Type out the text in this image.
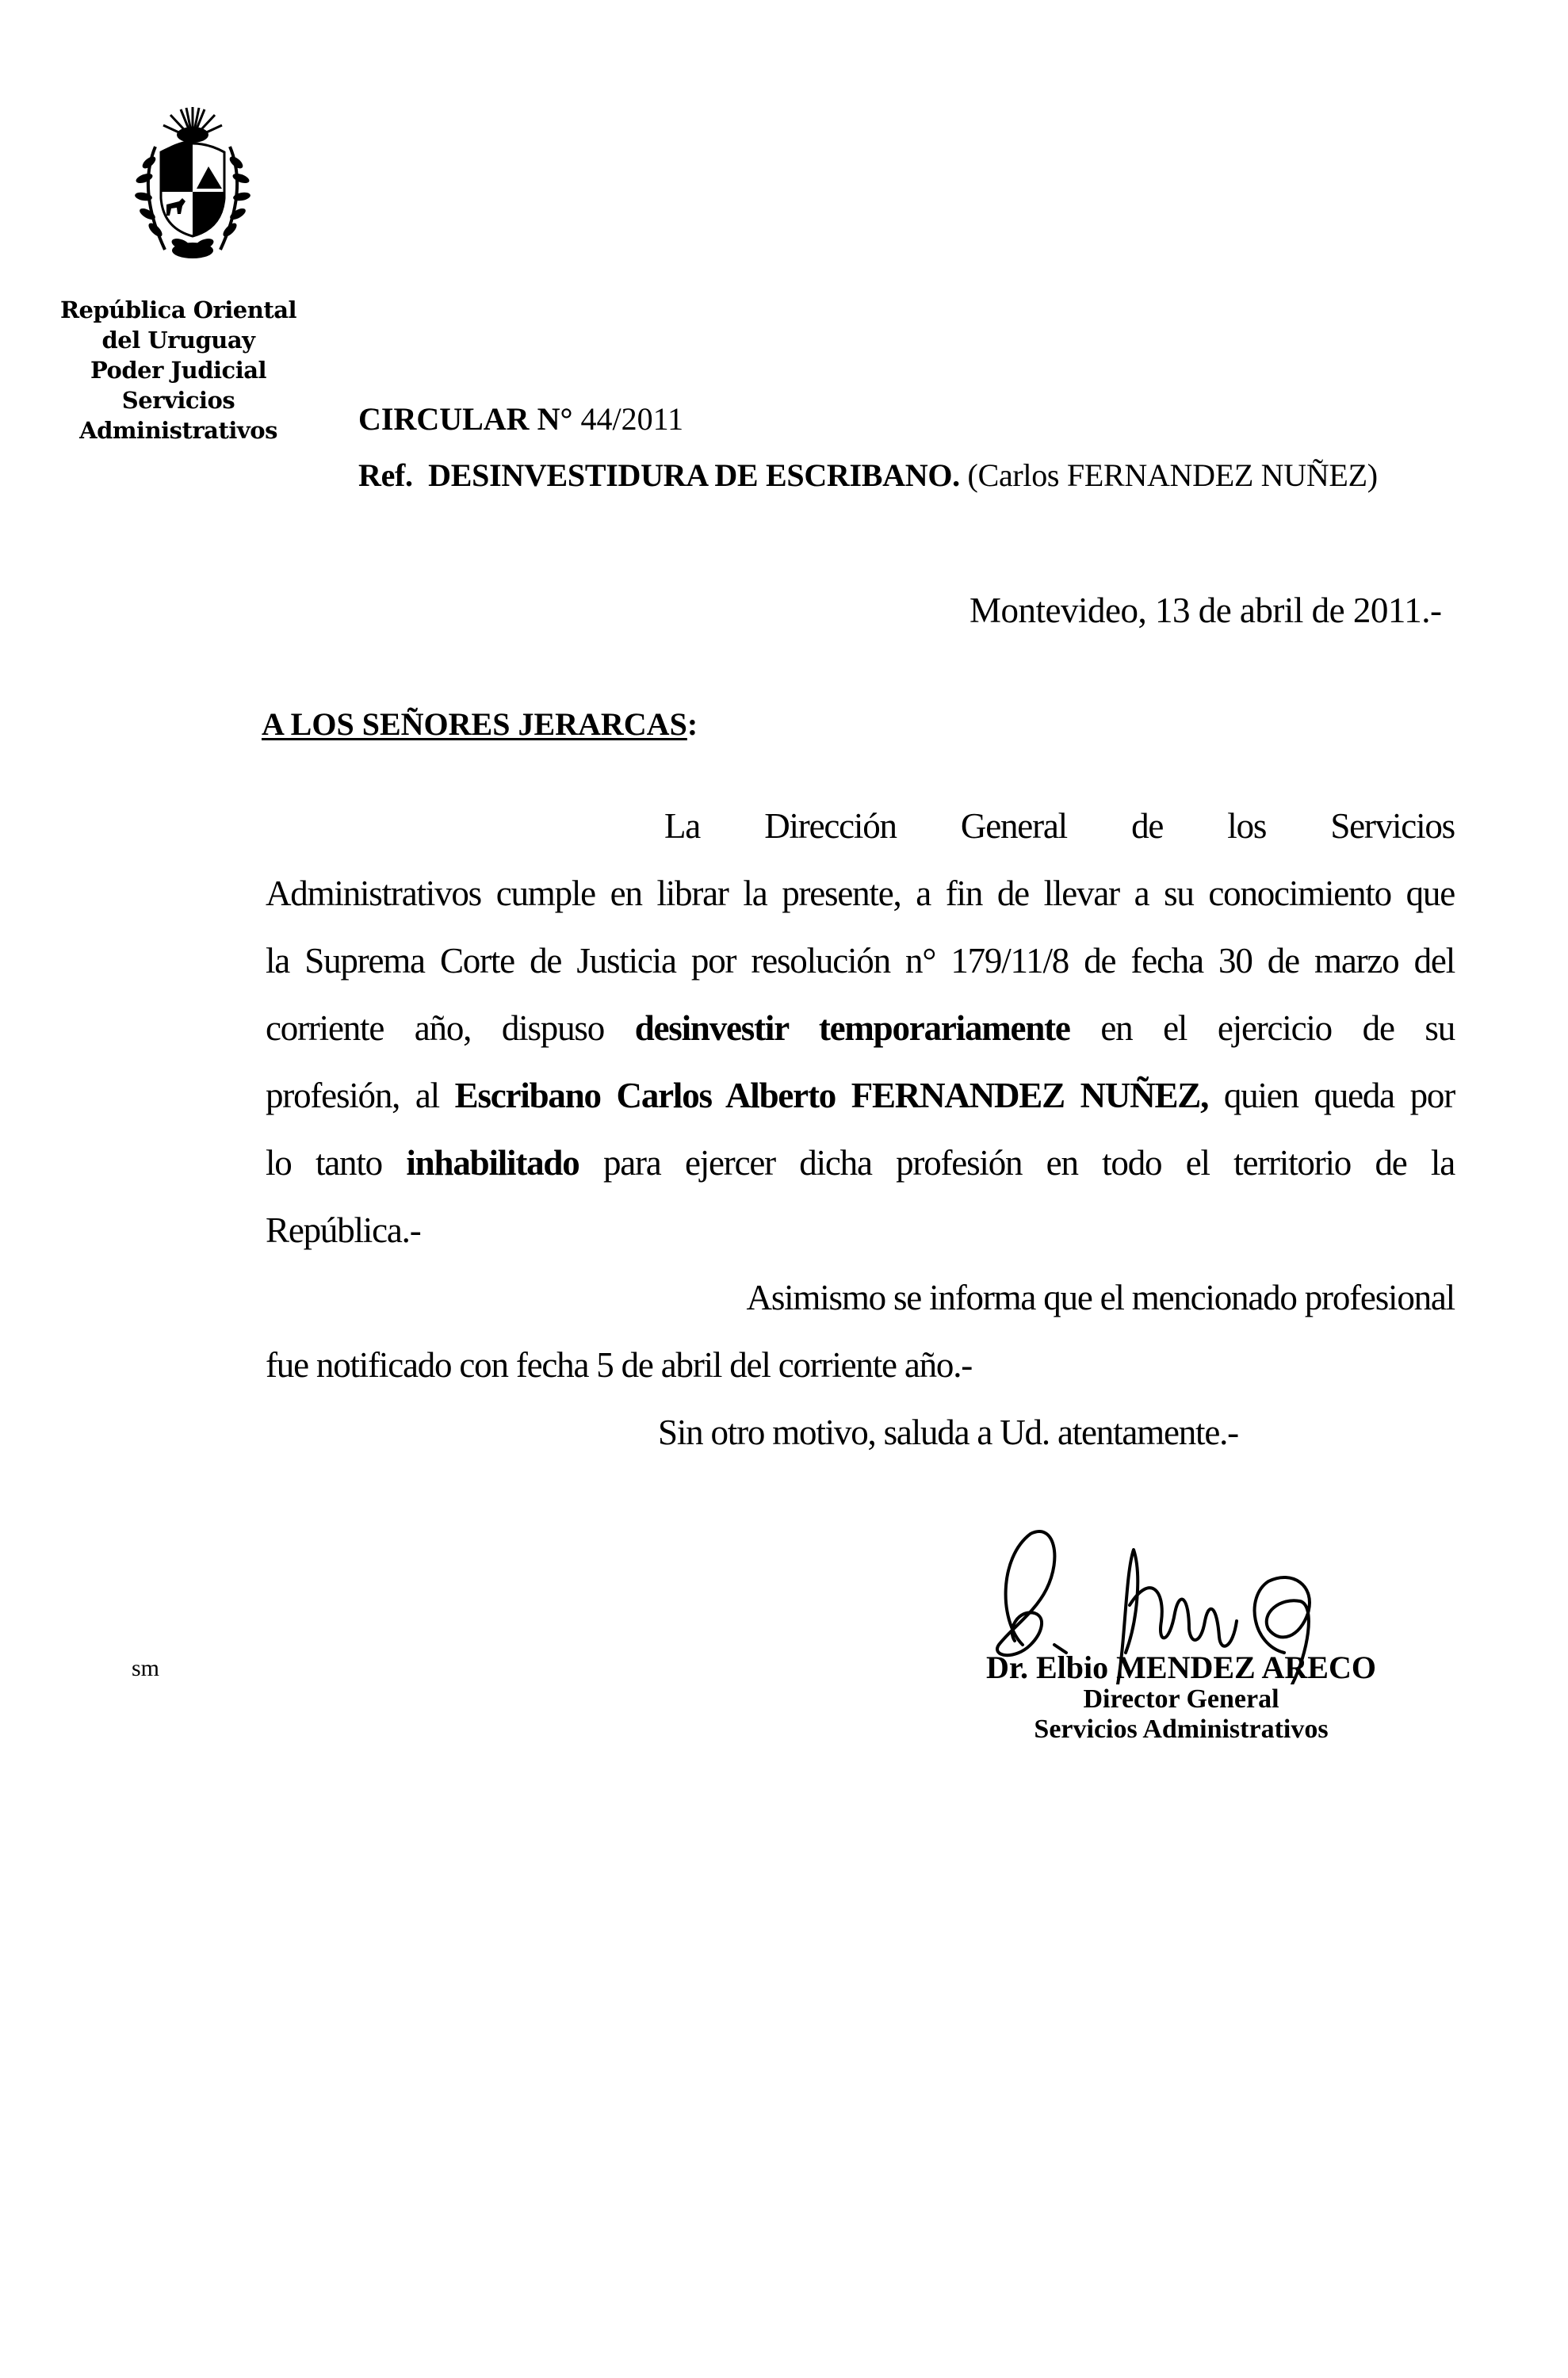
República Oriental
del Uruguay
Poder Judicial
Servicios
Administrativos	CIRCULAR N° 44/2011
Ref. DESINVESTIDURA DE ESCRIBANO. (Carlos FERNANDEZ NUÑEZ)
Montevideo, 13 de abril de 2011.-
A LOS SEÑORES JERARCAS:
La Dirección General de los Servicios
Administrativos cumple en librar la presente, a fin de llevar a su conocimiento que
la Suprema Corte de Justicia por resolución n° 179/11/8 de fecha 30 de marzo del
corriente año, dispuso desinvestir temporariamente en el ejercicio de su
profesión, al Escribano Carlos Alberto FERNANDEZ NUÑEZ, quien queda por
lo tanto inhabilitado para ejercer dicha profesión en todo el territorio de la
República.-
Asimismo se informa que el mencionado profesional
fue notificado con fecha 5 de abril del corriente año.-
Sin otro motivo, saluda a Ud. atentamente.-
sm	Dr. Elbio MENDEZ ARECO
Director General
Servicios Administrativos
